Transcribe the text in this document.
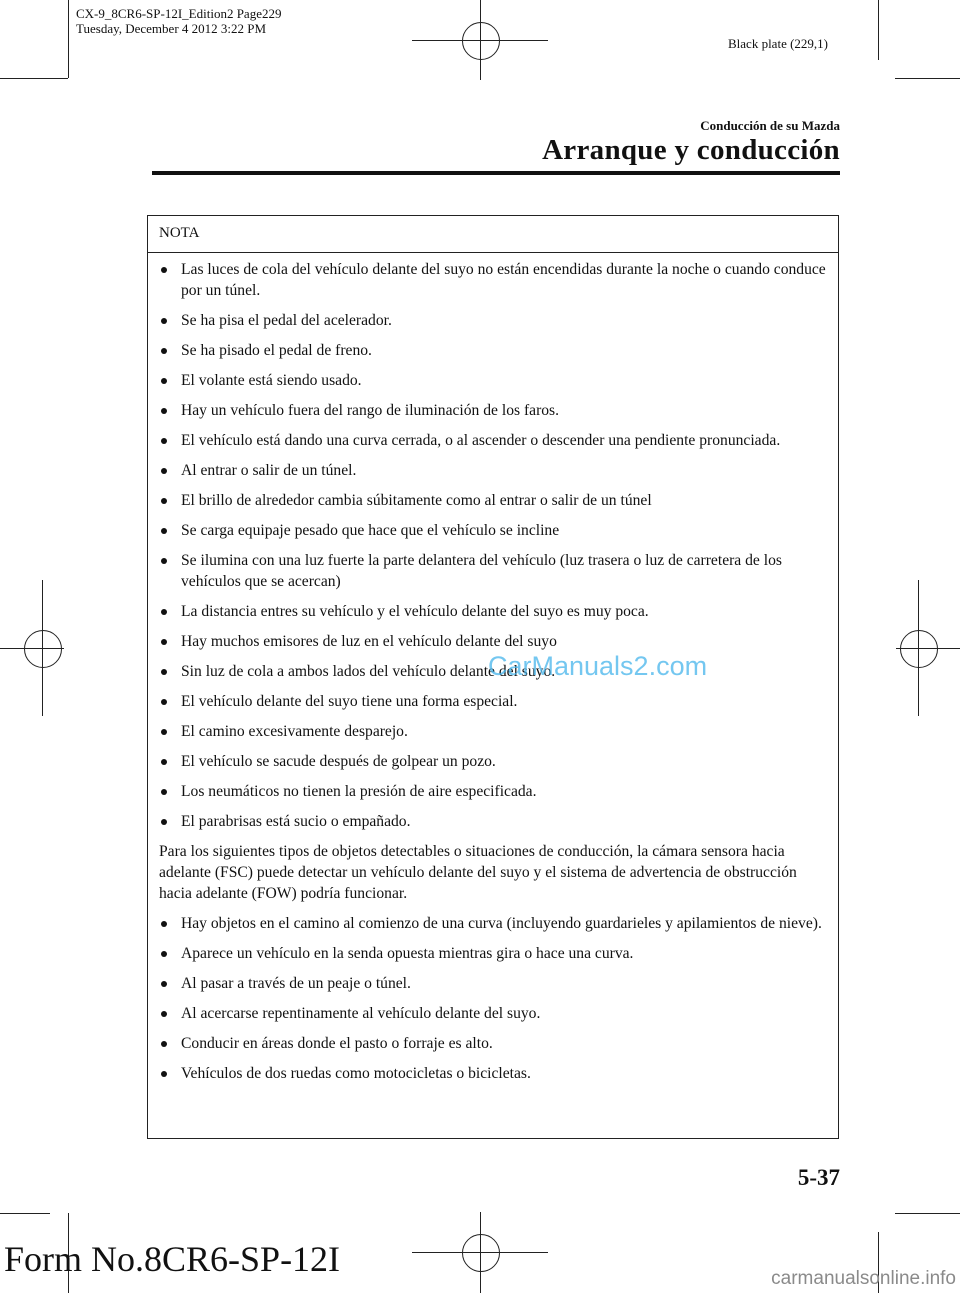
CX-9_8CR6-SP-12I_Edition2 Page229
Tuesday, December 4 2012 3:22 PM
Black plate (229,1)
Conducción de su Mazda
Arranque y conducción
NOTA
Las luces de cola del vehículo delante del suyo no están encendidas durante la noche o cuando conduce por un túnel.
Se ha pisa el pedal del acelerador.
Se ha pisado el pedal de freno.
El volante está siendo usado.
Hay un vehículo fuera del rango de iluminación de los faros.
El vehículo está dando una curva cerrada, o al ascender o descender una pendiente pronunciada.
Al entrar o salir de un túnel.
El brillo de alrededor cambia súbitamente como al entrar o salir de un túnel
Se carga equipaje pesado que hace que el vehículo se incline
Se ilumina con una luz fuerte la parte delantera del vehículo (luz trasera o luz de carretera de los vehículos que se acercan)
La distancia entres su vehículo y el vehículo delante del suyo es muy poca.
Hay muchos emisores de luz en el vehículo delante del suyo
Sin luz de cola a ambos lados del vehículo delante del suyo.
El vehículo delante del suyo tiene una forma especial.
El camino excesivamente desparejo.
El vehículo se sacude después de golpear un pozo.
Los neumáticos no tienen la presión de aire especificada.
El parabrisas está sucio o empañado.

Para los siguientes tipos de objetos detectables o situaciones de conducción, la cámara sensora hacia adelante (FSC) puede detectar un vehículo delante del suyo y el sistema de advertencia de obstrucción hacia adelante (FOW) podría funcionar.

Hay objetos en el camino al comienzo de una curva (incluyendo guardarieles y apilamientos de nieve).
Aparece un vehículo en la senda opuesta mientras gira o hace una curva.
Al pasar a través de un peaje o túnel.
Al acercarse repentinamente al vehículo delante del suyo.
Conducir en áreas donde el pasto o forraje es alto.
Vehículos de dos ruedas como motocicletas o bicicletas.
CarManuals2.com
5-37
Form No.8CR6-SP-12I	carmanualsonline.info
